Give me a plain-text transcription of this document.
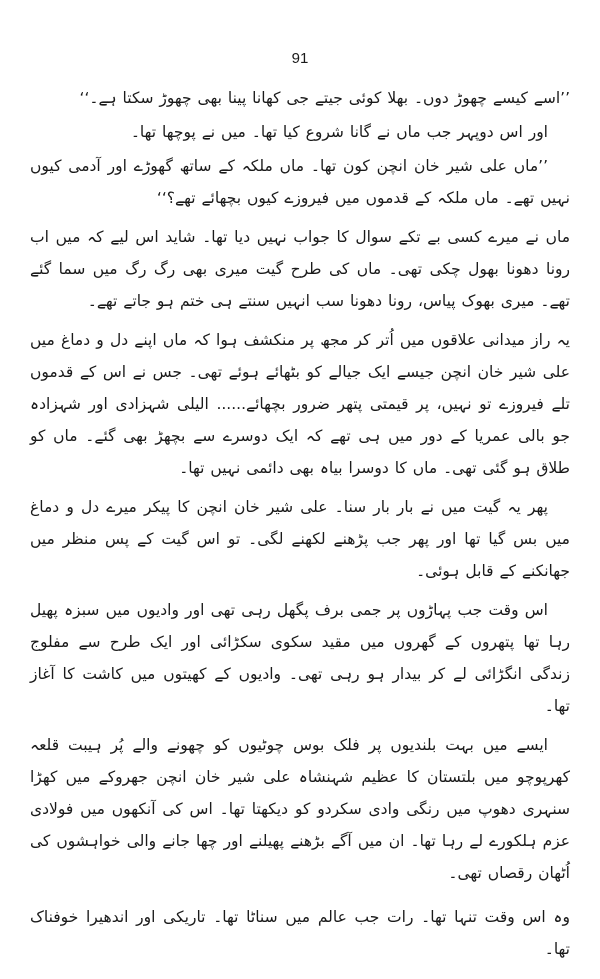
91

’’اسے کیسے چھوڑ دوں۔ بھلا کوئی جیتے جی کھانا پینا بھی چھوڑ سکتا ہے۔‘‘

اور اس دوپہر جب ماں نے گانا شروع کیا تھا۔ میں نے پوچھا تھا۔

’’ماں علی شیر خان انچن کون تھا۔ ماں ملکہ کے ساتھ گھوڑے اور آدمی کیوں نہیں تھے۔ ماں ملکہ کے قدموں میں فیروزے کیوں بچھائے تھے؟‘‘

ماں نے میرے کسی بے تکے سوال کا جواب نہیں دیا تھا۔ شاید اس لیے کہ میں اب رونا دھونا بھول چکی تھی۔ ماں کی طرح گیت میری بھی رگ رگ میں سما گئے تھے۔ میری بھوک پیاس، رونا دھونا سب انہیں سنتے ہی ختم ہو جاتے تھے۔

یہ راز میدانی علاقوں میں اُتر کر مجھ پر منکشف ہوا کہ ماں اپنے دل و دماغ میں علی شیر خان انچن جیسے ایک جیالے کو بٹھائے ہوئے تھی۔ جس نے اس کے قدموں تلے فیروزے تو نہیں، پر قیمتی پتھر ضرور بچھائے...... الیلی شہزادی اور شہزادہ جو بالی عمریا کے دور میں ہی تھے کہ ایک دوسرے سے بچھڑ بھی گئے۔ ماں کو طلاق ہو گئی تھی۔ ماں کا دوسرا بیاہ بھی دائمی نہیں تھا۔

پھر یہ گیت میں نے بار بار سنا۔ علی شیر خان انچن کا پیکر میرے دل و دماغ میں بس گیا تھا اور پھر جب پڑھنے لکھنے لگی۔ تو اس گیت کے پس منظر میں جھانکنے کے قابل ہوئی۔

اس وقت جب پہاڑوں پر جمی برف پگھل رہی تھی اور وادیوں میں سبزہ پھیل رہا تھا پتھروں کے گھروں میں مقید سکوی سکڑائی اور ایک طرح سے مفلوج زندگی انگڑائی لے کر بیدار ہو رہی تھی۔ وادیوں کے کھیتوں میں کاشت کا آغاز تھا۔

ایسے میں بہت بلندیوں پر فلک بوس چوٹیوں کو چھونے والے پُر ہیبت قلعہ کھرپوچو میں بلتستان کا عظیم شہنشاہ علی شیر خان انچن جھروکے میں کھڑا سنہری دھوپ میں رنگی وادی سکردو کو دیکھتا تھا۔ اس کی آنکھوں میں فولادی عزم ہلکورے لے رہا تھا۔ ان میں آگے بڑھنے پھیلنے اور چھا جانے والی خواہشوں کی اُٹھان رقصاں تھی۔

وہ اس وقت تنہا تھا۔ رات جب عالم میں سناٹا تھا۔ تاریکی اور اندھیرا خوفناک تھا۔
